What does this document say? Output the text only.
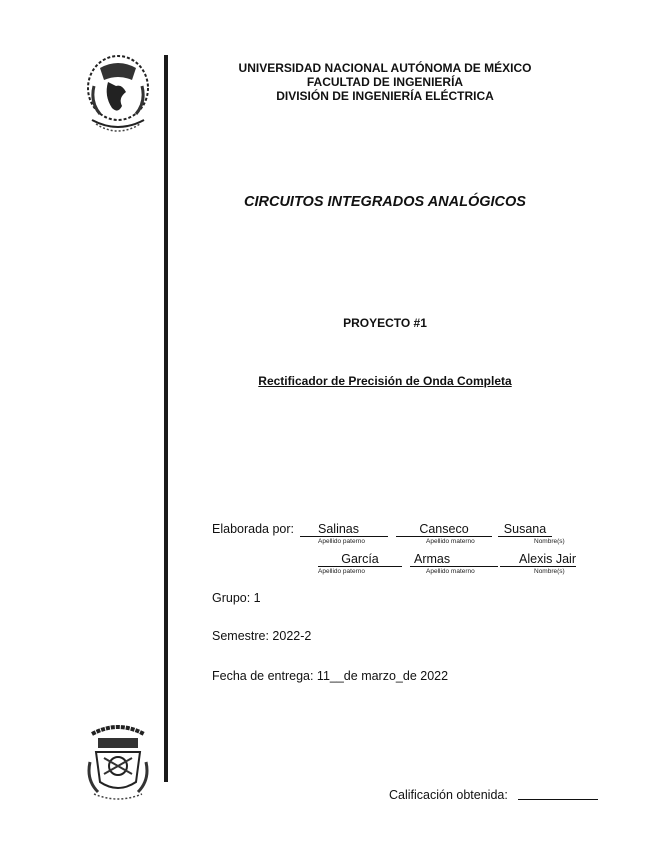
UNIVERSIDAD NACIONAL AUTÓNOMA DE MÉXICO
FACULTAD DE INGENIERÍA
DIVISIÓN DE INGENIERÍA ELÉCTRICA
CIRCUITOS INTEGRADOS ANALÓGICOS
PROYECTO #1
Rectificador de Precisión de Onda Completa
Elaborada por:	Salinas	Canseco	Susana
Apellido paterno	Apellido materno	Nombre(s)
García	Armas	Alexis Jair
Apellido paterno	Apellido materno	Nombre(s)
Grupo: 1
Semestre: 2022-2
Fecha de entrega: 11__de marzo_de 2022
Calificación obtenida:
